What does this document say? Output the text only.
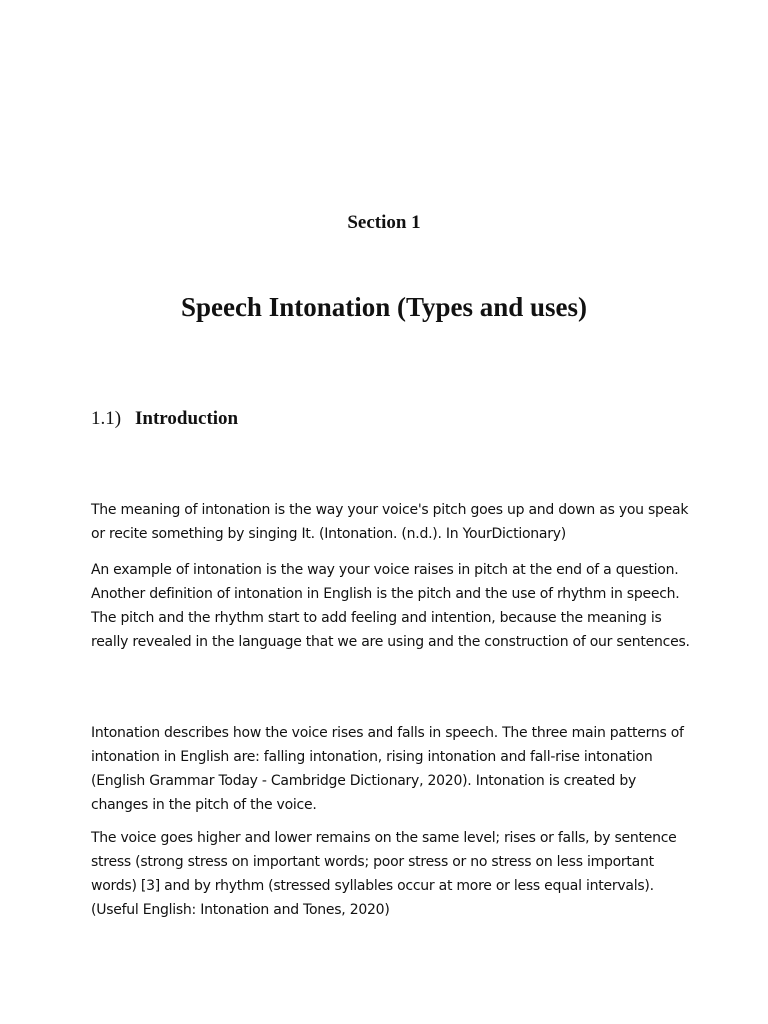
Section 1
Speech Intonation (Types and uses)
1.1) Introduction

The meaning of intonation is the way your voice's pitch goes up and down as you speak or recite something by singing It. (Intonation. (n.d.). In YourDictionary)

An example of intonation is the way your voice raises in pitch at the end of a question. Another definition of intonation in English is the pitch and the use of rhythm in speech. The pitch and the rhythm start to add feeling and intention, because the meaning is really revealed in the language that we are using and the construction of our sentences.

Intonation describes how the voice rises and falls in speech. The three main patterns of intonation in English are: falling intonation, rising intonation and fall-rise intonation (English Grammar Today - Cambridge Dictionary, 2020). Intonation is created by changes in the pitch of the voice.

The voice goes higher and lower remains on the same level; rises or falls, by sentence stress (strong stress on important words; poor stress or no stress on less important words) [3] and by rhythm (stressed syllables occur at more or less equal intervals). (Useful English: Intonation and Tones, 2020)
